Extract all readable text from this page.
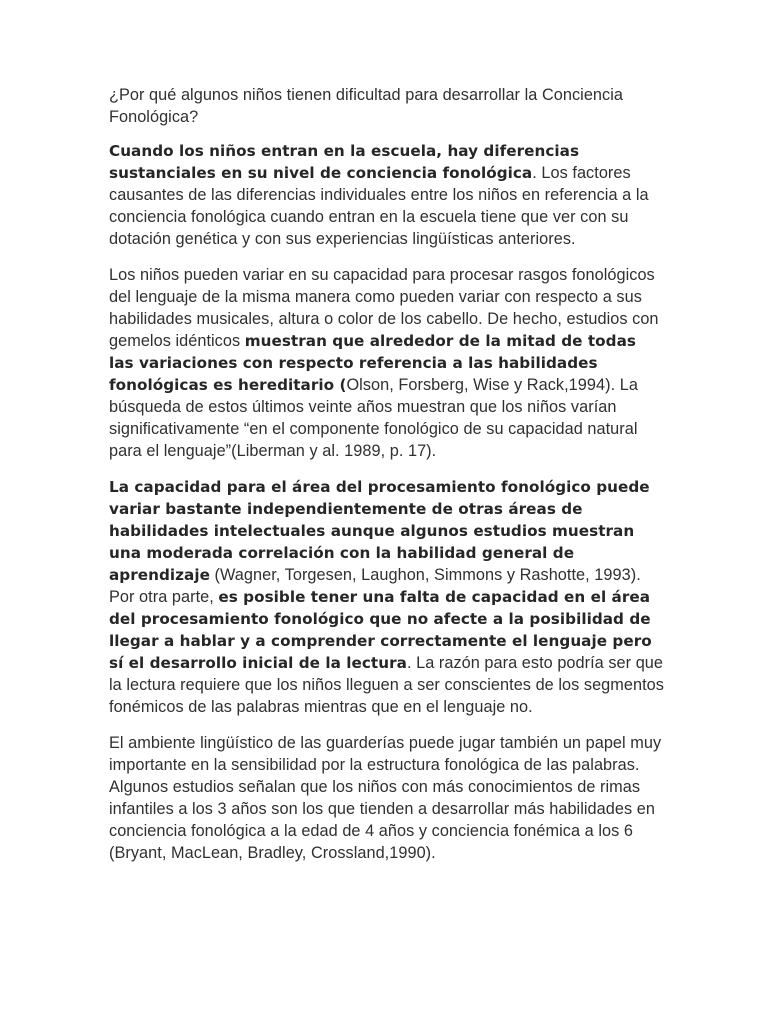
¿Por qué algunos niños tienen dificultad para desarrollar la Conciencia Fonológica?

Cuando los niños entran en la escuela, hay diferencias sustanciales en su nivel de conciencia fonológica. Los factores causantes de las diferencias individuales entre los niños en referencia a la conciencia fonológica cuando entran en la escuela tiene que ver con su dotación genética y con sus experiencias lingüísticas anteriores.

Los niños pueden variar en su capacidad para procesar rasgos fonológicos del lenguaje de la misma manera como pueden variar con respecto a sus habilidades musicales, altura o color de los cabello. De hecho, estudios con gemelos idénticos muestran que alrededor de la mitad de todas las variaciones con respecto referencia a las habilidades fonológicas es hereditario (Olson, Forsberg, Wise y Rack,1994). La búsqueda de estos últimos veinte años muestran que los niños varían significativamente “en el componente fonológico de su capacidad natural para el lenguaje”(Liberman y al. 1989, p. 17).

La capacidad para el área del procesamiento fonológico puede variar bastante independientemente de otras áreas de habilidades intelectuales aunque algunos estudios muestran una moderada correlación con la habilidad general de aprendizaje (Wagner, Torgesen, Laughon, Simmons y Rashotte, 1993). Por otra parte, es posible tener una falta de capacidad en el área del procesamiento fonológico que no afecte a la posibilidad de llegar a hablar y a comprender correctamente el lenguaje pero sí el desarrollo inicial de la lectura. La razón para esto podría ser que la lectura requiere que los niños lleguen a ser conscientes de los segmentos fonémicos de las palabras mientras que en el lenguaje no.

El ambiente lingüístico de las guarderías puede jugar también un papel muy importante en la sensibilidad por la estructura fonológica de las palabras. Algunos estudios señalan que los niños con más conocimientos de rimas infantiles a los 3 años son los que tienden a desarrollar más habilidades en conciencia fonológica a la edad de 4 años y conciencia fonémica a los 6 (Bryant, MacLean, Bradley, Crossland,1990).
